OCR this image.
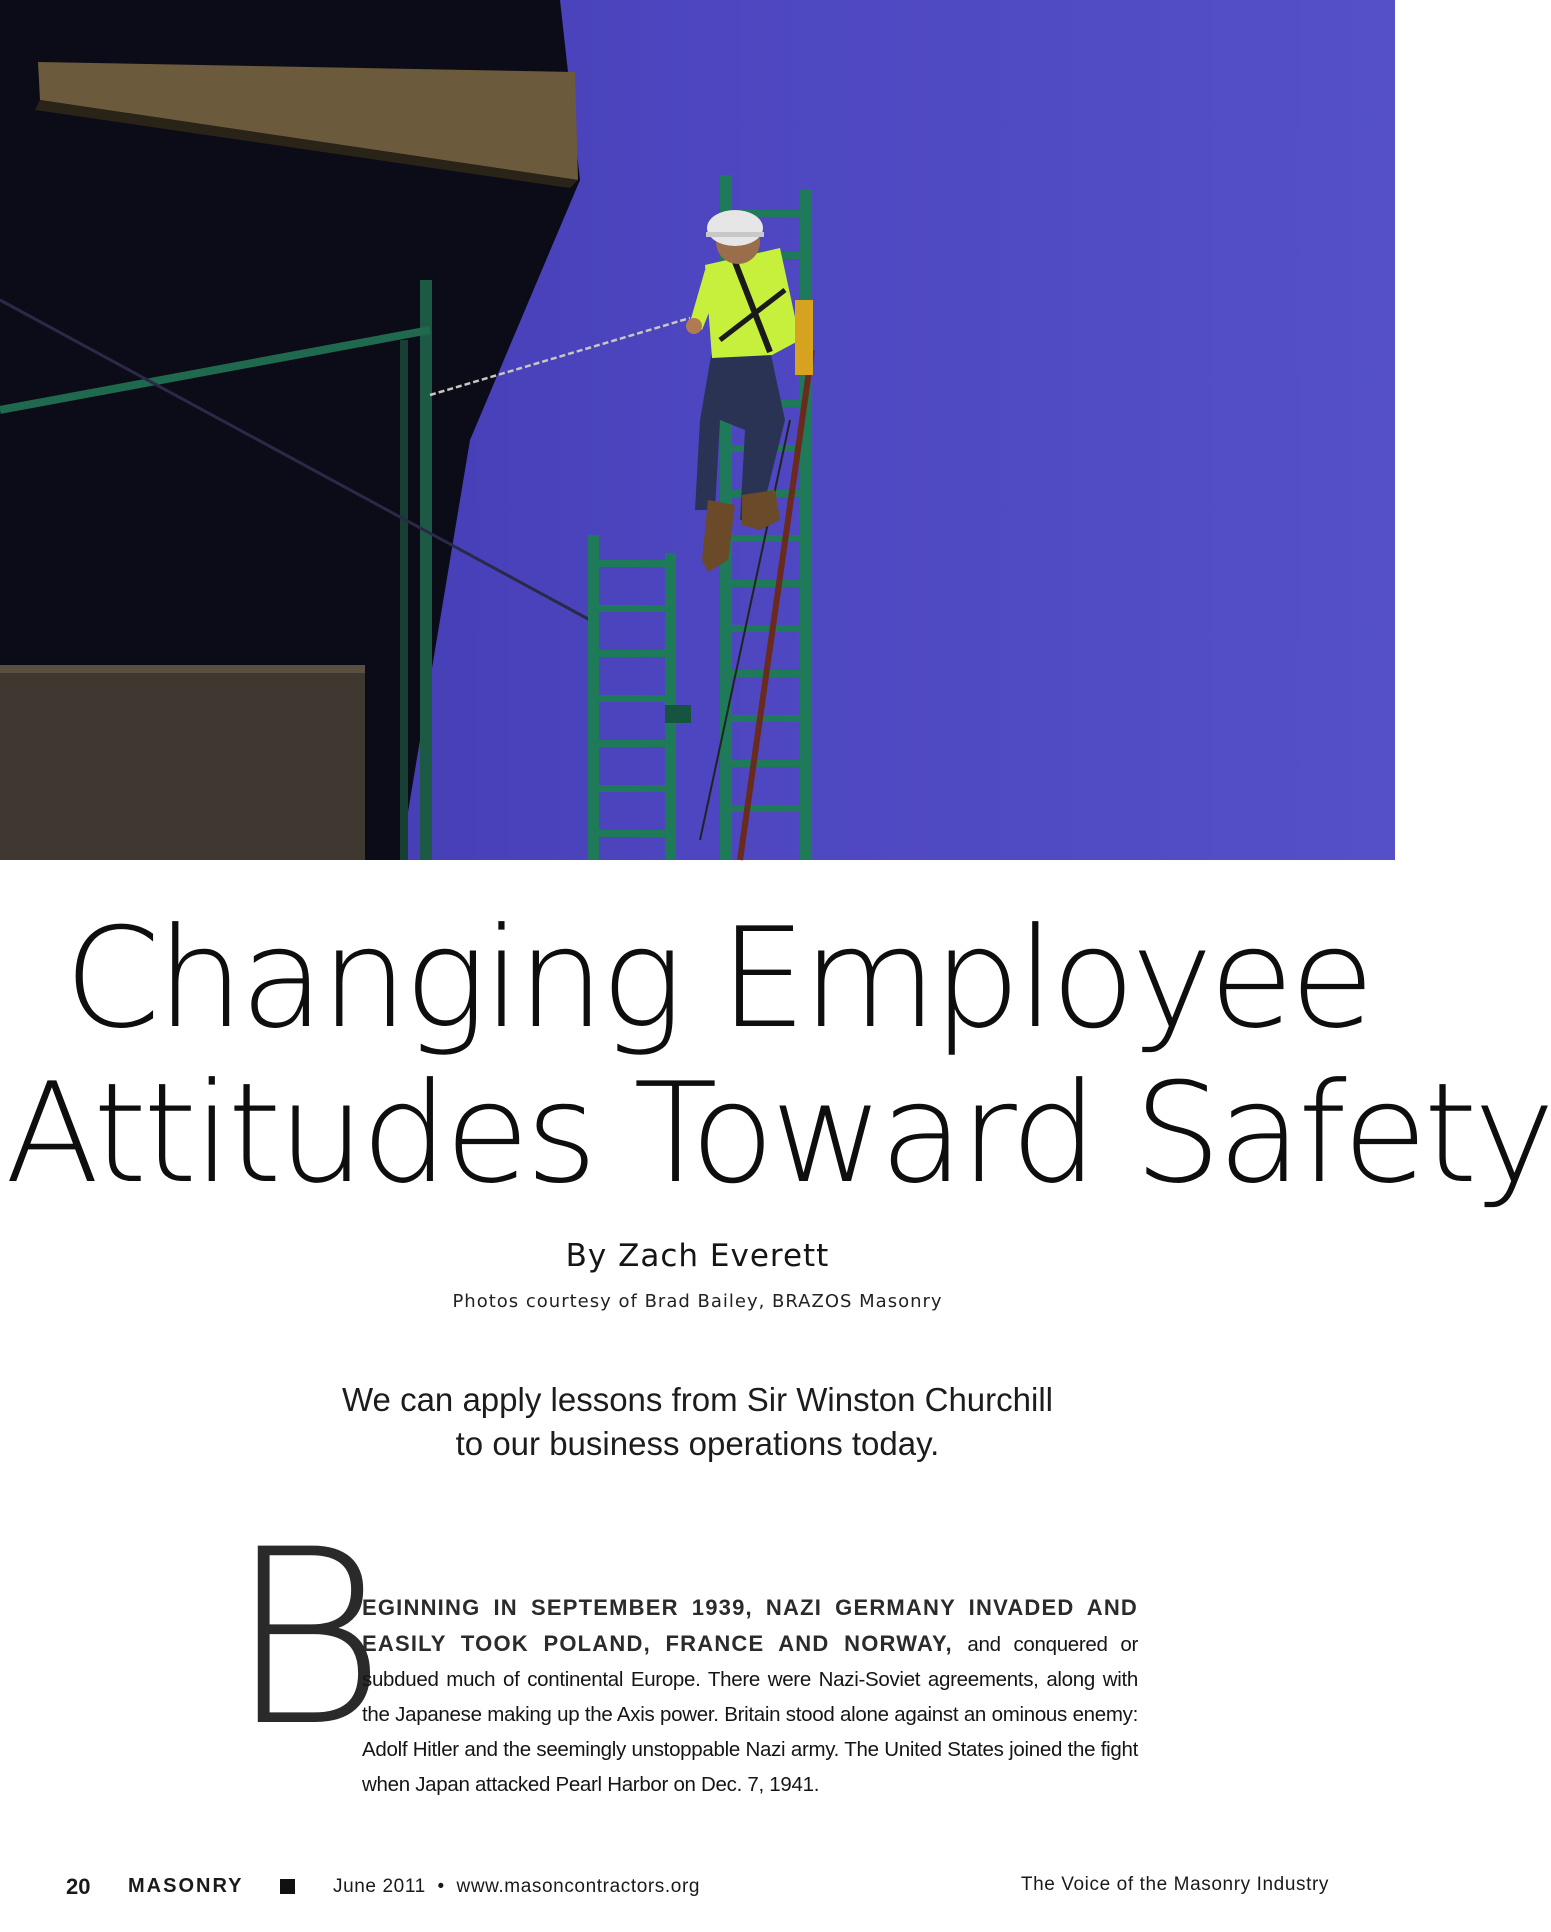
Changing Employee
Attitudes Toward Safety
By Zach Everett
Photos courtesy of Brad Bailey, BRAZOS Masonry
We can apply lessons from Sir Winston Churchill
to our business operations today.
B

EGINNING IN SEPTEMBER 1939, NAZI GERMANY INVADED AND EASILY TOOK POLAND, FRANCE AND NORWAY, and conquered or subdued much of continental Europe. There were Nazi-Soviet agreements, along with the Japanese making up the Axis power. Britain stood alone against an ominous enemy: Adolf Hitler and the seemingly unstoppable Nazi army. The United States joined the fight when Japan attacked Pearl Harbor on Dec. 7, 1941.

20 MASONRY	June 2011  •  www.masoncontractors.org	The Voice of the Masonry Industry
